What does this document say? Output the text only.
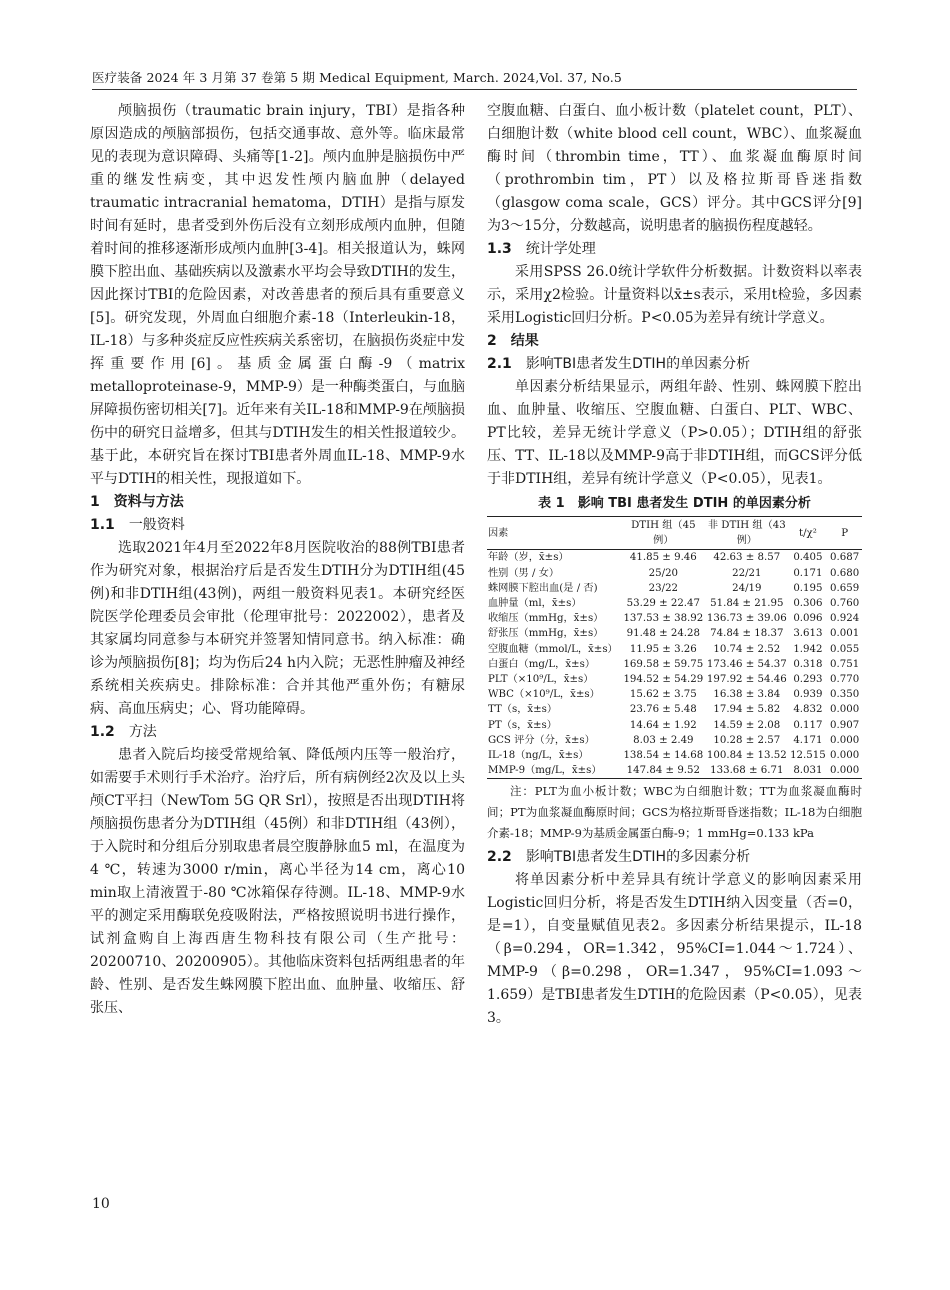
医疗装备 2024 年 3 月第 37 卷第 5 期 Medical Equipment, March. 2024,Vol. 37, No.5

颅脑损伤（traumatic brain injury，TBI）是指各种原因造成的颅脑部损伤，包括交通事故、意外等。临床最常见的表现为意识障碍、头痛等[1-2]。颅内血肿是脑损伤中严重的继发性病变，其中迟发性颅内脑血肿（delayed traumatic intracranial hematoma，DTIH）是指与原发时间有延时，患者受到外伤后没有立刻形成颅内血肿，但随着时间的推移逐渐形成颅内血肿[3-4]。相关报道认为，蛛网膜下腔出血、基础疾病以及激素水平均会导致DTIH的发生，因此探讨TBI的危险因素，对改善患者的预后具有重要意义[5]。研究发现，外周血白细胞介素-18（Interleukin-18，IL-18）与多种炎症反应性疾病关系密切，在脑损伤炎症中发挥重要作用[6]。基质金属蛋白酶-9（matrix metalloproteinase-9，MMP-9）是一种酶类蛋白，与血脑屏障损伤密切相关[7]。近年来有关IL-18和MMP-9在颅脑损伤中的研究日益增多，但其与DTIH发生的相关性报道较少。基于此，本研究旨在探讨TBI患者外周血IL-18、MMP-9水平与DTIH的相关性，现报道如下。

1　资料与方法
1.1　 一般资料

选取2021年4月至2022年8月医院收治的88例TBI患者作为研究对象，根据治疗后是否发生DTIH分为DTIH组(45例)和非DTIH组(43例)，两组一般资料见表1。本研究经医院医学伦理委员会审批（伦理审批号：2022002），患者及其家属均同意参与本研究并签署知情同意书。纳入标准：确诊为颅脑损伤[8]；均为伤后24 h内入院；无恶性肿瘤及神经系统相关疾病史。排除标准：合并其他严重外伤；有糖尿病、高血压病史；心、肾功能障碍。

1.2　 方法

患者入院后均接受常规给氧、降低颅内压等一般治疗，如需要手术则行手术治疗。治疗后，所有病例经2次及以上头颅CT平扫（NewTom 5G QR Srl），按照是否出现DTIH将颅脑损伤患者分为DTIH组（45例）和非DTIH组（43例），于入院时和分组后分别取患者晨空腹静脉血5 ml，在温度为4 ℃，转速为3000 r/min，离心半径为14 cm，离心10 min取上清液置于-80 ℃冰箱保存待测。IL-18、MMP-9水平的测定采用酶联免疫吸附法，严格按照说明书进行操作，试剂盒购自上海西唐生物科技有限公司（生产批号：20200710、20200905）。其他临床资料包括两组患者的年龄、性别、是否发生蛛网膜下腔出血、血肿量、收缩压、舒张压、

空腹血糖、白蛋白、血小板计数（platelet count，PLT）、白细胞计数（white blood cell count，WBC）、血浆凝血酶时间（thrombin time，TT）、血浆凝血酶原时间（prothrombin tim，PT）以及格拉斯哥昏迷指数（glasgow coma scale，GCS）评分。其中GCS评分[9]为3～15分，分数越高，说明患者的脑损伤程度越轻。

1.3　 统计学处理

采用SPSS 26.0统计学软件分析数据。计数资料以率表示，采用χ2检验。计量资料以x̄±s表示，采用t检验，多因素采用Logistic回归分析。P<0.05为差异有统计学意义。

2　结果
2.1　 影响TBI患者发生DTIH的单因素分析

单因素分析结果显示，两组年龄、性别、蛛网膜下腔出血、血肿量、收缩压、空腹血糖、白蛋白、PLT、WBC、PT比较，差异无统计学意义（P>0.05）；DTIH组的舒张压、TT、IL-18以及MMP-9高于非DTIH组，而GCS评分低于非DTIH组，差异有统计学意义（P<0.05），见表1。

表 1　影响 TBI 患者发生 DTIH 的单因素分析
因素	DTIH 组（45 例）	非 DTIH 组（43 例）	t/χ²	P
年龄（岁，x̄±s）	41.85 ± 9.46	42.63 ± 8.57	0.405	0.687
性别（男 / 女）	25/20	22/21	0.171	0.680
蛛网膜下腔出血(是 / 否)	23/22	24/19	0.195	0.659
血肿量（ml，x̄±s）	53.29 ± 22.47	51.84 ± 21.95	0.306	0.760
收缩压（mmHg，x̄±s）	137.53 ± 38.92	136.73 ± 39.06	0.096	0.924
舒张压（mmHg，x̄±s）	91.48 ± 24.28	74.84 ± 18.37	3.613	0.001
空腹血糖（mmol/L，x̄±s）	11.95 ± 3.26	10.74 ± 2.52	1.942	0.055
白蛋白（mg/L，x̄±s）	169.58 ± 59.75	173.46 ± 54.37	0.318	0.751
PLT（×10⁹/L，x̄±s）	194.52 ± 54.29	197.92 ± 54.46	0.293	0.770
WBC（×10⁹/L，x̄±s）	15.62 ± 3.75	16.38 ± 3.84	0.939	0.350
TT（s，x̄±s）	23.76 ± 5.48	17.94 ± 5.82	4.832	0.000
PT（s，x̄±s）	14.64 ± 1.92	14.59 ± 2.08	0.117	0.907
GCS 评分（分，x̄±s）	8.03 ± 2.49	10.28 ± 2.57	4.171	0.000
IL-18（ng/L，x̄±s）	138.54 ± 14.68	100.84 ± 13.52	12.515	0.000
MMP-9（mg/L，x̄±s）	147.84 ± 9.52	133.68 ± 6.71	8.031	0.000
注：PLT为血小板计数；WBC为白细胞计数；TT为血浆凝血酶时间；PT为血浆凝血酶原时间；GCS为格拉斯哥昏迷指数；IL-18为白细胞介素-18；MMP-9为基质金属蛋白酶-9；1 mmHg=0.133 kPa
2.2　 影响TBI患者发生DTIH的多因素分析

将单因素分析中差异具有统计学意义的影响因素采用Logistic回归分析，将是否发生DTIH纳入因变量（否=0，是=1），自变量赋值见表2。多因素分析结果提示，IL-18（β=0.294，OR=1.342，95%CI=1.044～1.724）、MMP-9（β=0.298，OR=1.347，95%CI=1.093～1.659）是TBI患者发生DTIH的危险因素（P<0.05），见表3。

10
